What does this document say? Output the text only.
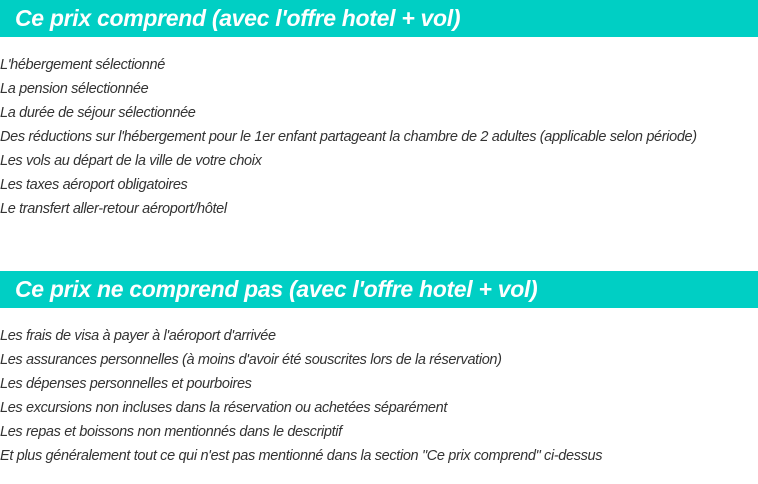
Ce prix comprend (avec l'offre hotel + vol)
L'hébergement sélectionné
La pension sélectionnée
La durée de séjour sélectionnée
Des réductions sur l'hébergement pour le 1er enfant partageant la chambre de 2 adultes (applicable selon période)
Les vols au départ de la ville de votre choix
Les taxes aéroport obligatoires
Le transfert aller-retour aéroport/hôtel
Ce prix ne comprend pas (avec l'offre hotel + vol)
Les frais de visa à payer à l'aéroport d'arrivée
Les assurances personnelles (à moins d'avoir été souscrites lors de la réservation)
Les dépenses personnelles et pourboires
Les excursions non incluses dans la réservation ou achetées séparément
Les repas et boissons non mentionnés dans le descriptif
Et plus généralement tout ce qui n'est pas mentionné dans la section "Ce prix comprend" ci-dessus
